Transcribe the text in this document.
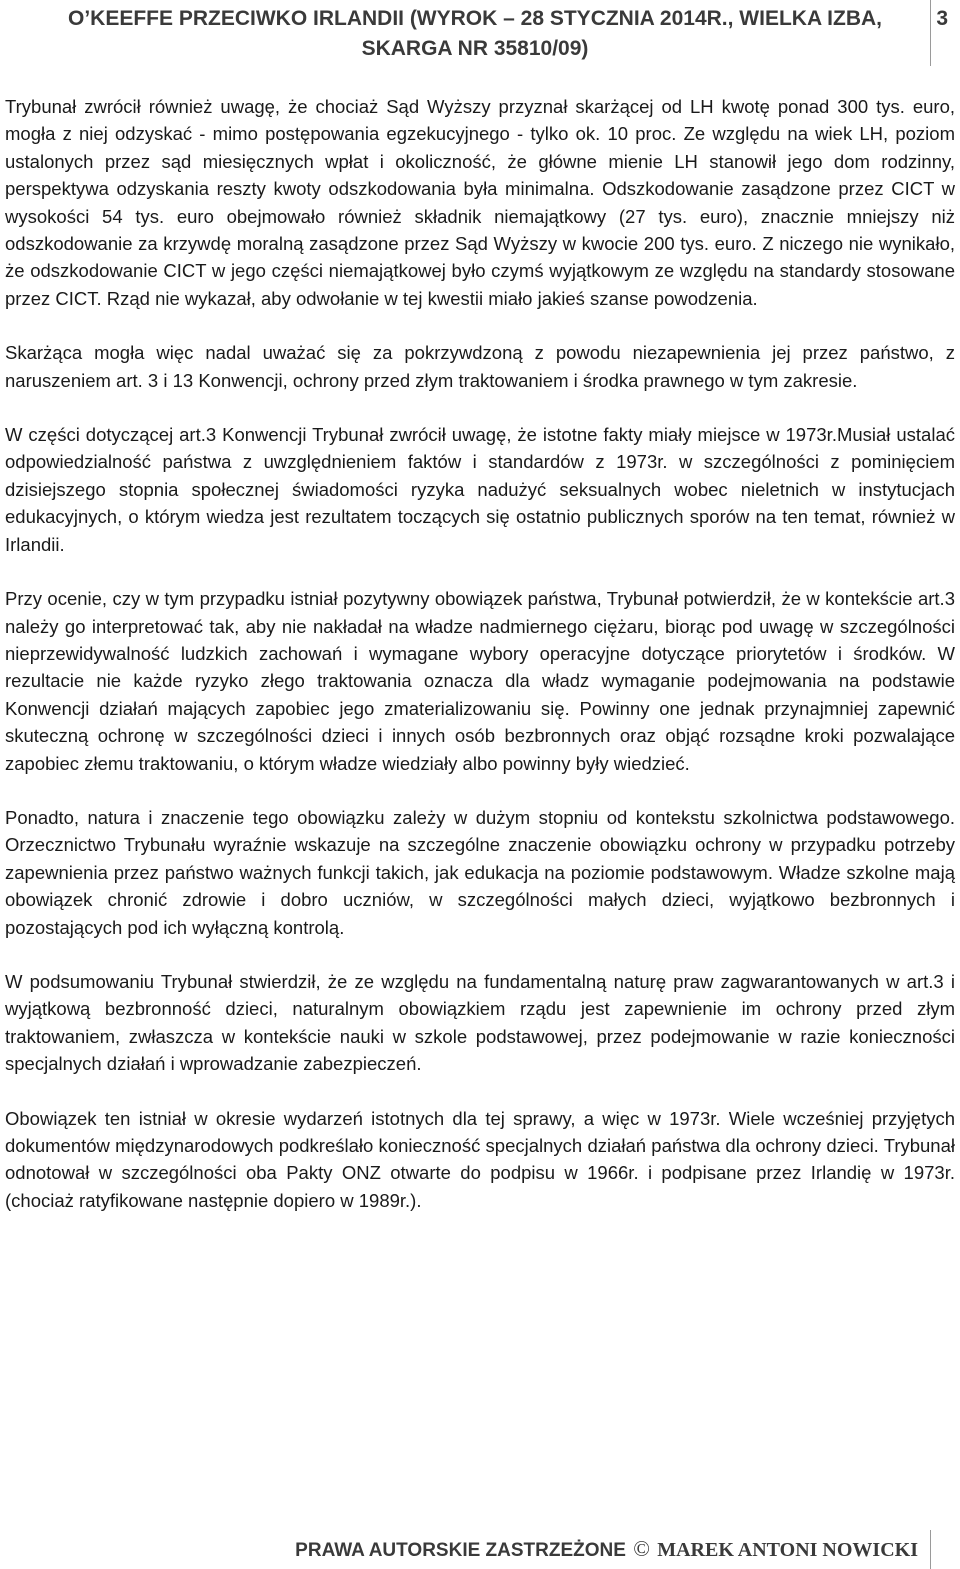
O’KEEFFE PRZECIWKO IRLANDII (WYROK – 28 STYCZNIA 2014R., WIELKA IZBA, SKARGA NR 35810/09)
3

Trybunał zwrócił również uwagę, że chociaż Sąd Wyższy przyznał skarżącej od LH kwotę ponad 300 tys. euro, mogła z niej odzyskać - mimo postępowania egzekucyjnego - tylko ok. 10 proc. Ze względu na wiek LH, poziom ustalonych przez sąd miesięcznych wpłat i okoliczność, że główne mienie LH stanowił jego dom rodzinny, perspektywa odzyskania reszty kwoty odszkodowania była minimalna. Odszkodowanie zasądzone przez CICT w wysokości 54 tys. euro obejmowało również składnik niemajątkowy (27 tys. euro), znacznie mniejszy niż odszkodowanie za krzywdę moralną zasądzone przez Sąd Wyższy w kwocie 200 tys. euro. Z niczego nie wynikało, że odszkodowanie CICT w jego części niemajątkowej było czymś wyjątkowym ze względu na standardy stosowane przez CICT. Rząd nie wykazał, aby odwołanie w tej kwestii miało jakieś szanse powodzenia.

Skarżąca mogła więc nadal uważać się za pokrzywdzoną z powodu niezapewnienia jej przez państwo, z naruszeniem art. 3 i 13 Konwencji, ochrony przed złym traktowaniem i środka prawnego w tym zakresie.

W części dotyczącej art.3 Konwencji Trybunał zwrócił uwagę, że istotne fakty miały miejsce w 1973r.Musiał ustalać odpowiedzialność państwa z uwzględnieniem faktów i standardów z 1973r. w szczególności z pominięciem dzisiejszego stopnia społecznej świadomości ryzyka nadużyć seksualnych wobec nieletnich w instytucjach edukacyjnych, o którym wiedza jest rezultatem toczących się ostatnio publicznych sporów na ten temat, również w Irlandii.

Przy ocenie, czy w tym przypadku istniał pozytywny obowiązek państwa, Trybunał potwierdził, że w kontekście art.3 należy go interpretować tak, aby nie nakładał na władze nadmiernego ciężaru, biorąc pod uwagę w szczególności nieprzewidywalność ludzkich zachowań i wymagane wybory operacyjne dotyczące priorytetów i środków. W rezultacie nie każde ryzyko złego traktowania oznacza dla władz wymaganie podejmowania na podstawie Konwencji działań mających zapobiec jego zmaterializowaniu się. Powinny one jednak przynajmniej zapewnić skuteczną ochronę w szczególności dzieci i innych osób bezbronnych oraz objąć rozsądne kroki pozwalające zapobiec złemu traktowaniu, o którym władze wiedziały albo powinny były wiedzieć.

Ponadto, natura i znaczenie tego obowiązku zależy w dużym stopniu od kontekstu szkolnictwa podstawowego. Orzecznictwo Trybunału wyraźnie wskazuje na szczególne znaczenie obowiązku ochrony w przypadku potrzeby zapewnienia przez państwo ważnych funkcji takich, jak edukacja na poziomie podstawowym. Władze szkolne mają obowiązek chronić zdrowie i dobro uczniów, w szczególności małych dzieci, wyjątkowo bezbronnych i pozostających pod ich wyłączną kontrolą.

W podsumowaniu Trybunał stwierdził, że ze względu na fundamentalną naturę praw zagwarantowanych w art.3 i wyjątkową bezbronność dzieci, naturalnym obowiązkiem rządu jest zapewnienie im ochrony przed złym traktowaniem, zwłaszcza w kontekście nauki w szkole podstawowej, przez podejmowanie w razie konieczności specjalnych działań i wprowadzanie zabezpieczeń.

Obowiązek ten istniał w okresie wydarzeń istotnych dla tej sprawy, a więc w 1973r. Wiele wcześniej przyjętych dokumentów międzynarodowych podkreślało konieczność specjalnych działań państwa dla ochrony dzieci. Trybunał odnotował w szczególności oba Pakty ONZ otwarte do podpisu w 1966r. i podpisane przez Irlandię w 1973r.(chociaż ratyfikowane następnie dopiero w 1989r.).

PRAWA AUTORSKIE ZASTRZEŻONE © MAREK ANTONI NOWICKI
